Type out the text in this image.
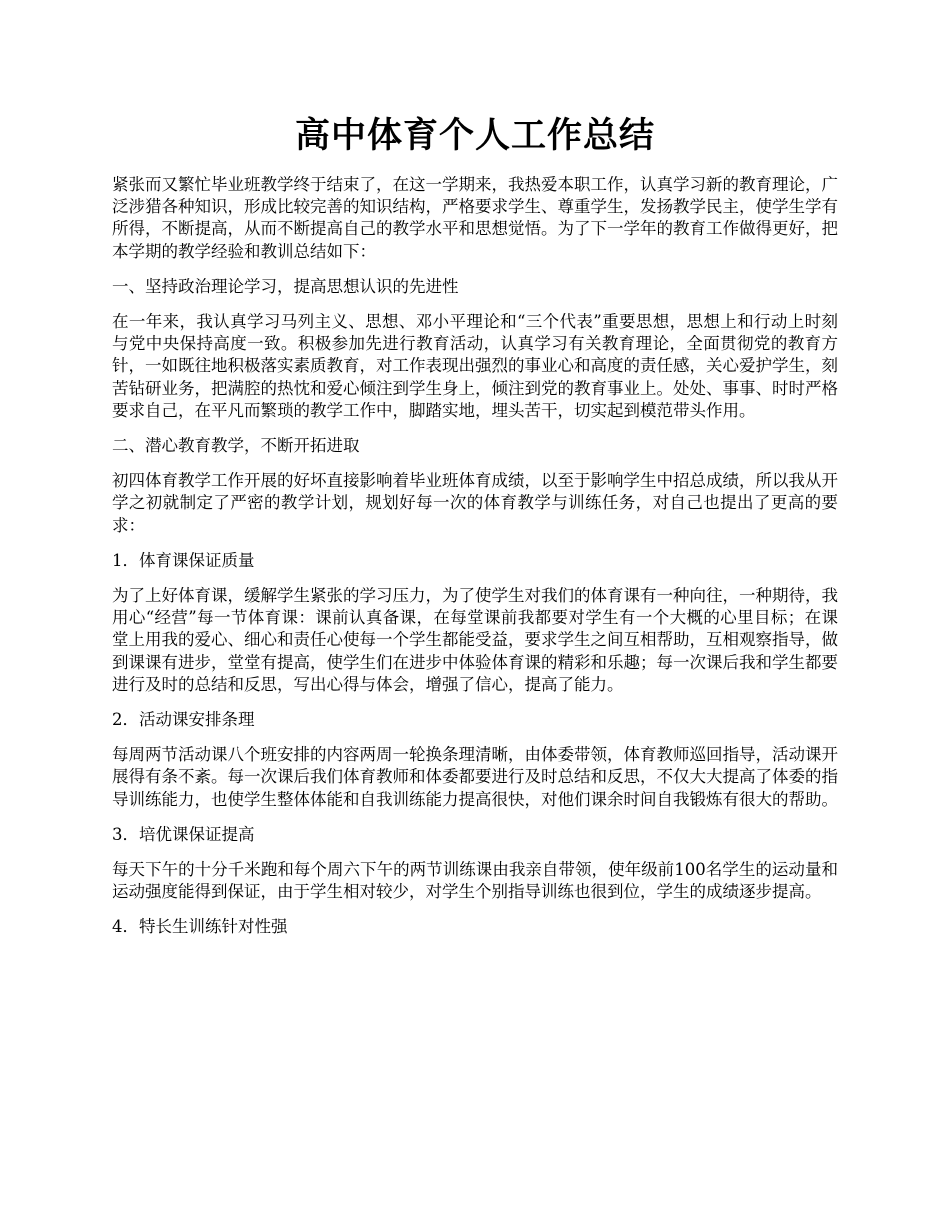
高中体育个人工作总结

紧张而又繁忙毕业班教学终于结束了，在这一学期来，我热爱本职工作，认真学习新的教育理论，广泛涉猎各种知识，形成比较完善的知识结构，严格要求学生、尊重学生，发扬教学民主，使学生学有所得，不断提高，从而不断提高自己的教学水平和思想觉悟。为了下一学年的教育工作做得更好，把本学期的教学经验和教训总结如下：

一、坚持政治理论学习，提高思想认识的先进性

在一年来，我认真学习马列主义、思想、邓小平理论和“三个代表”重要思想，思想上和行动上时刻与党中央保持高度一致。积极参加先进行教育活动，认真学习有关教育理论，全面贯彻党的教育方针，一如既往地积极落实素质教育，对工作表现出强烈的事业心和高度的责任感，关心爱护学生，刻苦钻研业务，把满腔的热忱和爱心倾注到学生身上，倾注到党的教育事业上。处处、事事、时时严格要求自己，在平凡而繁琐的教学工作中，脚踏实地，埋头苦干，切实起到模范带头作用。

二、潜心教育教学，不断开拓进取

初四体育教学工作开展的好坏直接影响着毕业班体育成绩，以至于影响学生中招总成绩，所以我从开学之初就制定了严密的教学计划，规划好每一次的体育教学与训练任务，对自己也提出了更高的要求：

1．体育课保证质量

为了上好体育课，缓解学生紧张的学习压力，为了使学生对我们的体育课有一种向往，一种期待，我用心“经营”每一节体育课：课前认真备课，在每堂课前我都要对学生有一个大概的心里目标；在课堂上用我的爱心、细心和责任心使每一个学生都能受益，要求学生之间互相帮助，互相观察指导，做到课课有进步，堂堂有提高，使学生们在进步中体验体育课的精彩和乐趣；每一次课后我和学生都要进行及时的总结和反思，写出心得与体会，增强了信心，提高了能力。

2．活动课安排条理

每周两节活动课八个班安排的内容两周一轮换条理清晰，由体委带领，体育教师巡回指导，活动课开展得有条不紊。每一次课后我们体育教师和体委都要进行及时总结和反思，不仅大大提高了体委的指导训练能力，也使学生整体体能和自我训练能力提高很快，对他们课余时间自我锻炼有很大的帮助。

3．培优课保证提高

每天下午的十分千米跑和每个周六下午的两节训练课由我亲自带领，使年级前100名学生的运动量和运动强度能得到保证，由于学生相对较少，对学生个别指导训练也很到位，学生的成绩逐步提高。

4．特长生训练针对性强
